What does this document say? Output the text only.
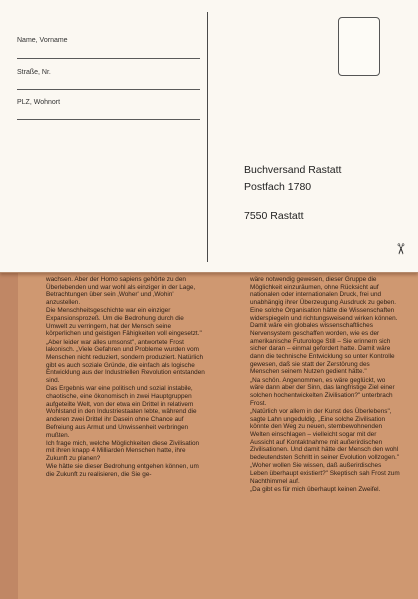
wachsen. Aber der Homo sapiens gehörte zu den Überlebenden und war wohl als einziger in der Lage, Betrachtungen über sein ‚Woher' und ‚Wohin' anzustellen.

Die Menschheitsgeschichte war ein einziger Expansionsprozeß. Um die Bedrohung durch die Umwelt zu verringern, hat der Mensch seine körperlichen und geistigen Fähigkeiten voll eingesetzt."

„Aber leider war alles umsonst", antwortete Frost lakonisch. „Viele Gefahren und Probleme wurden vom Menschen nicht reduziert, sondern produziert. Natürlich gibt es auch soziale Gründe, die einfach als logische Entwicklung aus der Industriellen Revolution entstanden sind.

Das Ergebnis war eine politisch und sozial instabile, chaotische, eine ökonomisch in zwei Hauptgruppen aufgeteilte Welt, von der etwa ein Drittel in relativem Wohlstand in den Industriestaaten lebte, während die anderen zwei Drittel ihr Dasein ohne Chance auf Befreiung aus Armut und Unwissenheit verbringen mußten.

Ich frage mich, welche Möglichkeiten diese Zivilisation mit ihren knapp 4 Milliarden Menschen hatte, ihre Zukunft zu planen?

Wie hätte sie dieser Bedrohung entgehen können, um die Zukunft zu realisieren, die Sie ge-

wäre notwendig gewesen, dieser Gruppe die Möglichkeit einzuräumen, ohne Rücksicht auf nationalen oder internationalen Druck, frei und unabhängig ihrer Überzeugung Ausdruck zu geben. Eine solche Organisation hätte die Wissenschaften widerspiegeln und richtungsweisend wirken können. Damit wäre ein globales wissenschaftliches Nervensystem geschaffen worden, wie es der amerikanische Futurologe Still – Sie erinnern sich sicher daran – einmal gefordert hatte. Damit wäre dann die technische Entwicklung so unter Kontrolle gewesen, daß sie statt der Zerstörung des Menschen seinem Nutzen gedient hätte."

„Na schön. Angenommen, es wäre geglückt, wo wäre dann aber der Sinn, das langfristige Ziel einer solchen hochentwickelten Zivilisation?" unterbrach Frost.

„Natürlich vor allem in der Kunst des Überlebens", sagte Lahn ungeduldig. „Eine solche Zivilisation könnte den Weg zu neuen, stembewohnenden Welten einschlagen – vielleicht sogar mit der Aussicht auf Kontaktnahme mit außerirdischen Zivilisationen. Und damit hätte der Mensch den wohl bedeutendsten Schritt in seiner Evolution vollzogen."

„Woher wollen Sie wissen, daß außerirdisches Leben überhaupt existiert?" Skeptisch sah Frost zum Nachthimmel auf.

„Da gibt es für mich überhaupt keinen Zweifel.

Name, Vorname
Straße, Nr.
PLZ, Wohnort
Buchversand Rastatt
Postfach 1780
7550 Rastatt
✂
